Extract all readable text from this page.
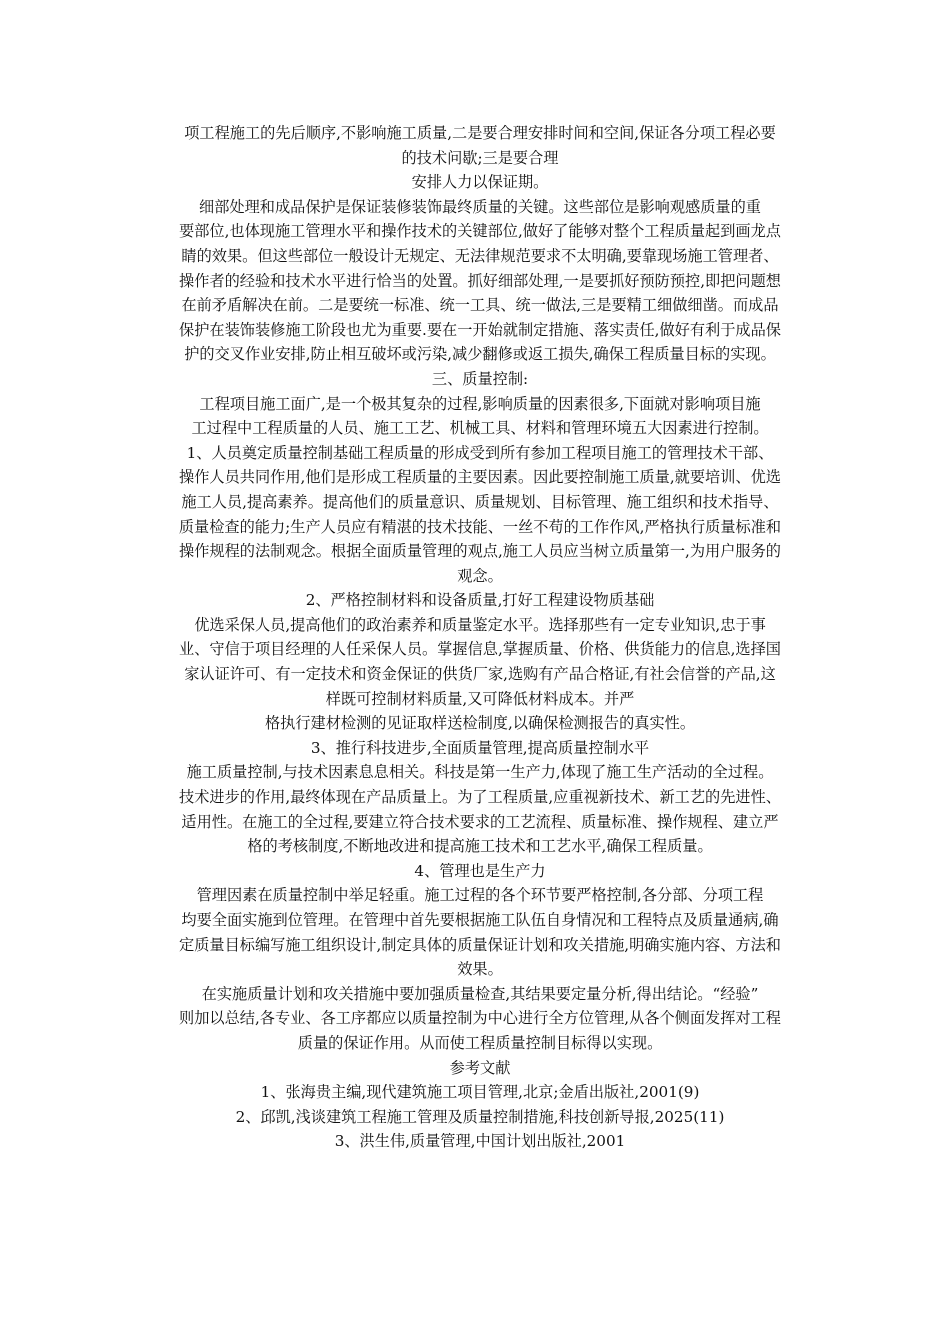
项工程施工的先后顺序,不影响施工质量,二是要合理安排时间和空间,保证各分项工程必要
的技术问歇;三是要合理
安排人力以保证期。
细部处理和成品保护是保证装修装饰最终质量的关键。这些部位是影响观感质量的重
要部位,也体现施工管理水平和操作技术的关键部位,做好了能够对整个工程质量起到画龙点
睛的效果。但这些部位一般设计无规定、无法律规范要求不太明确,要靠现场施工管理者、
操作者的经验和技术水平进行恰当的处置。抓好细部处理,一是要抓好预防预控,即把问题想
在前矛盾解决在前。二是要统一标准、统一工具、统一做法,三是要精工细做细凿。而成品
保护在装饰装修施工阶段也尤为重要.要在一开始就制定措施、落实责任,做好有利于成品保
护的交叉作业安排,防止相互破坏或污染,减少翻修或返工损失,确保工程质量目标的实现。
三、质量控制:
工程项目施工面广,是一个极其复杂的过程,影响质量的因素很多,下面就对影响项目施
工过程中工程质量的人员、施工工艺、机械工具、材料和管理环境五大因素进行控制。
1、人员奠定质量控制基础工程质量的形成受到所有参加工程项目施工的管理技术干部、
操作人员共同作用,他们是形成工程质量的主要因素。因此要控制施工质量,就要培训、优选
施工人员,提高素养。提高他们的质量意识、质量规划、目标管理、施工组织和技术指导、
质量检查的能力;生产人员应有精湛的技术技能、一丝不苟的工作作风,严格执行质量标准和
操作规程的法制观念。根据全面质量管理的观点,施工人员应当树立质量第一,为用户服务的
观念。
2、严格控制材料和设备质量,打好工程建设物质基础
优选采保人员,提高他们的政治素养和质量鉴定水平。选择那些有一定专业知识,忠于事
业、守信于项目经理的人任采保人员。掌握信息,掌握质量、价格、供货能力的信息,选择国
家认证许可、有一定技术和资金保证的供货厂家,选购有产品合格证,有社会信誉的产品,这
样既可控制材料质量,又可降低材料成本。并严
格执行建材检测的见证取样送检制度,以确保检测报告的真实性。
3、推行科技进步,全面质量管理,提高质量控制水平
施工质量控制,与技术因素息息相关。科技是第一生产力,体现了施工生产活动的全过程。
技术进步的作用,最终体现在产品质量上。为了工程质量,应重视新技术、新工艺的先进性、
适用性。在施工的全过程,要建立符合技术要求的工艺流程、质量标准、操作规程、建立严
格的考核制度,不断地改进和提高施工技术和工艺水平,确保工程质量。
4、管理也是生产力
管理因素在质量控制中举足轻重。施工过程的各个环节要严格控制,各分部、分项工程
均要全面实施到位管理。在管理中首先要根据施工队伍自身情况和工程特点及质量通病,确
定质量目标编写施工组织设计,制定具体的质量保证计划和攻关措施,明确实施内容、方法和
效果。
在实施质量计划和攻关措施中要加强质量检查,其结果要定量分析,得出结论。“经验”
则加以总结,各专业、各工序都应以质量控制为中心进行全方位管理,从各个侧面发挥对工程
质量的保证作用。从而使工程质量控制目标得以实现。
参考文献
1、张海贵主编,现代建筑施工项目管理,北京;金盾出版社,2001(9)
2、邱凯,浅谈建筑工程施工管理及质量控制措施,科技创新导报,2025(11)
3、洪生伟,质量管理,中国计划出版社,2001
